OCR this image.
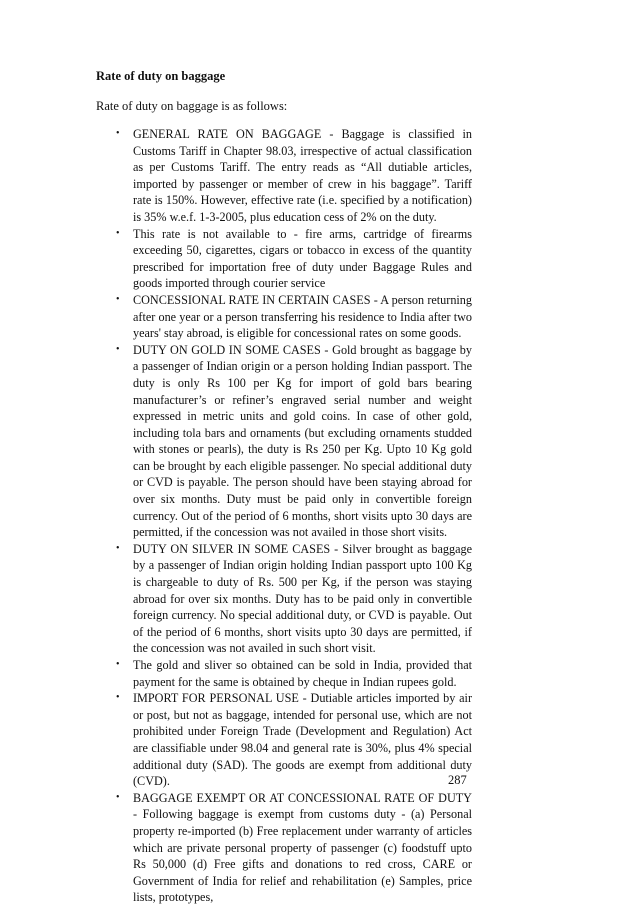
Rate of duty on baggage

Rate of duty on baggage is as follows:

• GENERAL RATE ON BAGGAGE - Baggage is classified in Customs Tariff in Chapter 98.03, irrespective of actual classification as per Customs Tariff. The entry reads as “All dutiable articles, imported by passenger or member of crew in his baggage”. Tariff rate is 150%. However, effective rate (i.e. specified by a notification) is 35% w.e.f. 1-3-2005, plus education cess of 2% on the duty.
• This rate is not available to - fire arms, cartridge of firearms exceeding 50, cigarettes, cigars or tobacco in excess of the quantity prescribed for importation free of duty under Baggage Rules and goods imported through courier service
• CONCESSIONAL RATE IN CERTAIN CASES - A person returning after one year or a person transferring his residence to India after two years' stay abroad, is eligible for concessional rates on some goods.
• DUTY ON GOLD IN SOME CASES - Gold brought as baggage by a passenger of Indian origin or a person holding Indian passport. The duty is only Rs 100 per Kg for import of gold bars bearing manufacturer’s or refiner’s engraved serial number and weight expressed in metric units and gold coins. In case of other gold, including tola bars and ornaments (but excluding ornaments studded with stones or pearls), the duty is Rs 250 per Kg. Upto 10 Kg gold can be brought by each eligible passenger. No special additional duty or CVD is payable. The person should have been staying abroad for over six months. Duty must be paid only in convertible foreign currency. Out of the period of 6 months, short visits upto 30 days are permitted, if the concession was not availed in those short visits.
• DUTY ON SILVER IN SOME CASES - Silver brought as baggage by a passenger of Indian origin holding Indian passport upto 100 Kg is chargeable to duty of Rs. 500 per Kg, if the person was staying abroad for over six months. Duty has to be paid only in convertible foreign currency. No special additional duty, or CVD is payable. Out of the period of 6 months, short visits upto 30 days are permitted, if the concession was not availed in such short visit.
• The gold and sliver so obtained can be sold in India, provided that payment for the same is obtained by cheque in Indian rupees gold.
• IMPORT FOR PERSONAL USE - Dutiable articles imported by air or post, but not as baggage, intended for personal use, which are not prohibited under Foreign Trade (Development and Regulation) Act are classifiable under 98.04 and general rate is 30%, plus 4% special additional duty (SAD). The goods are exempt from additional duty (CVD).
• BAGGAGE EXEMPT OR AT CONCESSIONAL RATE OF DUTY - Following baggage is exempt from customs duty - (a) Personal property re-imported (b) Free replacement under warranty of articles which are private personal property of passenger (c) foodstuff upto Rs 50,000 (d) Free gifts and donations to red cross, CARE or Government of India for relief and rehabilitation (e) Samples, price lists, prototypes,

287
